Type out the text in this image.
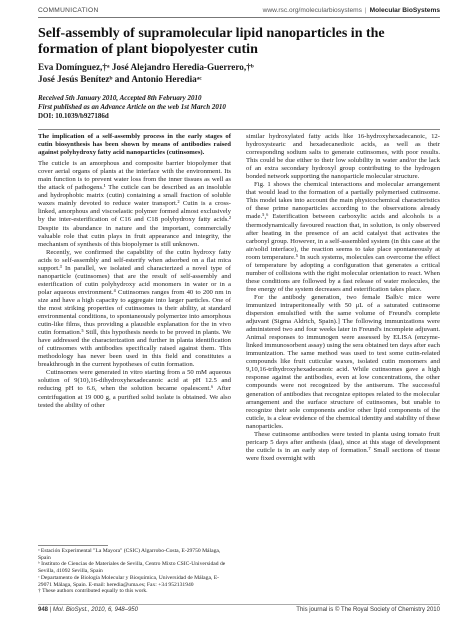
COMMUNICATION	www.rsc.org/molecularbiosystems | Molecular BioSystems
Self-assembly of supramolecular lipid nanoparticles in the formation of plant biopolyester cutin
Eva Domínguez,†ᵃ José Alejandro Heredia-Guerrero,†ᵇ
José Jesús Benítezᵇ and Antonio Herediaᵃᶜ
Received 5th January 2010, Accepted 8th February 2010
First published as an Advance Article on the web 1st March 2010
DOI: 10.1039/b927186d

The implication of a self-assembly process in the early stages of cutin biosynthesis has been shown by means of antibodies raised against polyhydroxy fatty acid nanoparticles (cutinsomes).

The cuticle is an amorphous and composite barrier biopolymer that cover aerial organs of plants at the interface with the environment. Its main function is to prevent water loss from the inner tissues as well as the attack of pathogens.¹ The cuticle can be described as an insoluble and hydrophobic matrix (cutin) containing a small fraction of soluble waxes mainly devoted to reduce water transport.² Cutin is a cross-linked, amorphous and viscoelastic polymer formed almost exclusively by the inter-esterification of C16 and C18 polyhydroxy fatty acids.² Despite its abundance in nature and the important, commercially valuable role that cutin plays in fruit appearance and integrity, the mechanism of synthesis of this biopolymer is still unknown.

Recently, we confirmed the capability of the cutin hydroxy fatty acids to self-assembly and self-esterify when adsorbed on a flat mica support.³ In parallel, we isolated and characterized a novel type of nanoparticle (cutinsomes) that are the result of self-assembly and esterification of cutin polyhydroxy acid monomers in water or in a polar aqueous environment.⁴ Cutinsomes ranges from 40 to 200 nm in size and have a high capacity to aggregate into larger particles. One of the most striking properties of cutinsomes is their ability, at standard environmental conditions, to spontaneously polymerize into amorphous cutin-like films, thus providing a plausible explanation for the in vivo cutin formation.⁵ Still, this hypothesis needs to be proved in plants. We have addressed the characterization and further in planta identification of cutinsomes with antibodies specifically raised against them. This methodology has never been used in this field and constitutes a breakthrough in the current hypotheses of cutin formation.

Cutinsomes were generated in vitro starting from a 50 mM aqueous solution of 9(10),16-dihydroxyhexadecanoic acid at pH 12.5 and reducing pH to 6.6, when the solution became opalescent.⁶ After centrifugation at 19 000 g, a purified solid isolate is obtained. We also tested the ability of other

ᵃ Estación Experimental "La Mayora" (CSIC) Algarrobo-Costa, E-29750 Málaga, Spain
ᵇ Instituto de Ciencias de Materiales de Sevilla, Centro Mixto CSIC-Universidad de Sevilla, 41092 Sevilla, Spain
ᶜ Departamento de Biología Molecular y Bioquímica, Universidad de Málaga, E-29071 Málaga, Spain. E-mail: heredia@uma.es; Fax: +34 952131940
† These authors contributed equally to this work.

similar hydroxylated fatty acids like 16-hydroxyhexadecanoic, 12-hydroxystearic and hexadecanedioic acids, as well as their corresponding sodium salts to generate cutinsomes, with poor results. This could be due either to their low solubility in water and/or the lack of an extra secondary hydroxyl group contributing to the hydrogen bonded network supporting the nanoparticle molecular structure.

Fig. 1 shows the chemical interactions and molecular arrangement that would lead to the formation of a partially polymerised cutinsome. This model takes into account the main physicochemical characteristics of these prime nanoparticles according to the observations already made.⁵,⁶ Esterification between carboxylic acids and alcohols is a thermodynamically favoured reaction that, in solution, is only observed after heating in the presence of an acid catalyst that activates the carbonyl group. However, in a self-assembled system (in this case at the air/solid interface), the reaction seems to take place spontaneously at room temperature.⁵ In such systems, molecules can overcome the effect of temperature by adopting a configuration that generates a critical number of collisions with the right molecular orientation to react. When these conditions are followed by a fast release of water molecules, the free energy of the system decreases and esterification takes place.

For the antibody generation, two female Balb/c mice were immunized intraperitoneally with 50 μL of a saturated cutinsome dispersion emulsified with the same volume of Freund's complete adjuvant (Sigma Aldrich, Spain).] The following immunizations were administered two and four weeks later in Freund's incomplete adjuvant. Animal responses to immunogen were assessed by ELISA (enzyme-linked immunosorbent assay) using the sera obtained ten days after each immunization. The same method was used to test some cutin-related compounds like fruit cuticular waxes, isolated cutin monomers and 9,10,16-trihydroxyhexadecanoic acid. While cutinsomes gave a high response against the antibodies, even at low concentrations, the other compounds were not recognized by the antiserum. The successful generation of antibodies that recognize epitopes related to the molecular arrangement and the surface structure of cutinsomes, but unable to recognize their sole components and/or other lipid components of the cuticle, is a clear evidence of the chemical identity and stability of these nanoparticles.

These cutinsome antibodies were tested in planta using tomato fruit pericarp 5 days after anthesis (daa), since at this stage of development the cuticle is in an early step of formation.⁷ Small sections of tissue were fixed overnight with

948 | Mol. BioSyst., 2010, 6, 948–950	This journal is © The Royal Society of Chemistry 2010
